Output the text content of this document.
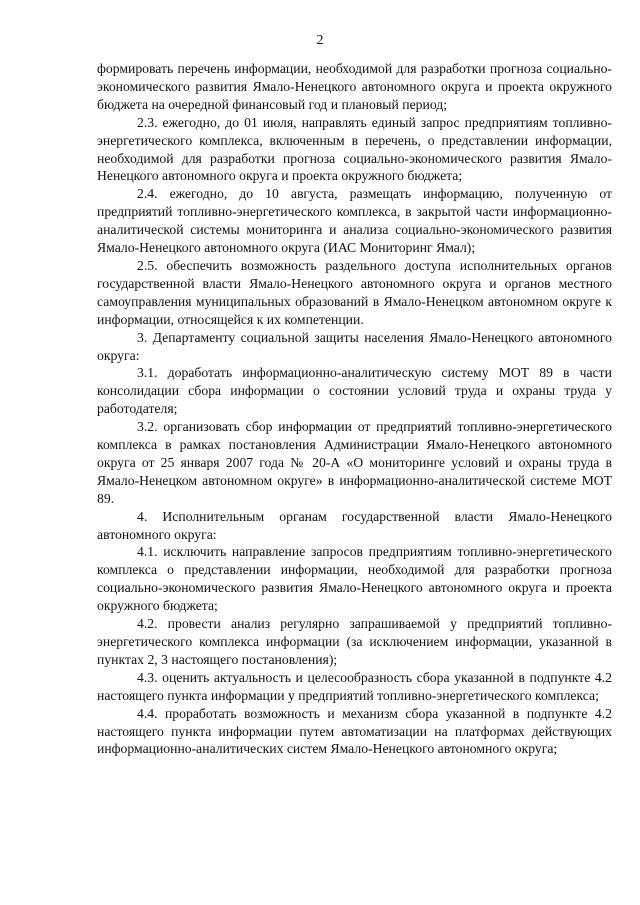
2

формировать перечень информации, необходимой для разработки прогноза социально-экономического развития Ямало-Ненецкого автономного округа и проекта окружного бюджета на очередной финансовый год и плановый период;

2.3. ежегодно, до 01 июля, направлять единый запрос предприятиям топливно-энергетического комплекса, включенным в перечень, о представлении информации, необходимой для разработки прогноза социально-экономического развития Ямало-Ненецкого автономного округа и проекта окружного бюджета;

2.4. ежегодно, до 10 августа, размещать информацию, полученную от предприятий топливно-энергетического комплекса, в закрытой части информационно-аналитической системы мониторинга и анализа социально-экономического развития Ямало-Ненецкого автономного округа (ИАС Мониторинг Ямал);

2.5. обеспечить возможность раздельного доступа исполнительных органов государственной власти Ямало-Ненецкого автономного округа и органов местного самоуправления муниципальных образований в Ямало-Ненецком автономном округе к информации, относящейся к их компетенции.

3. Департаменту социальной защиты населения Ямало-Ненецкого автономного округа:

3.1. доработать информационно-аналитическую систему МОТ 89 в части консолидации сбора информации о состоянии условий труда и охраны труда у работодателя;

3.2. организовать сбор информации от предприятий топливно-энергетического комплекса в рамках постановления Администрации Ямало-Ненецкого автономного округа от 25 января 2007 года № 20-А «О мониторинге условий и охраны труда в Ямало-Ненецком автономном округе» в информационно-аналитической системе МОТ 89.

4. Исполнительным органам государственной власти Ямало-Ненецкого автономного округа:

4.1. исключить направление запросов предприятиям топливно-энергетического комплекса о представлении информации, необходимой для разработки прогноза социально-экономического развития Ямало-Ненецкого автономного округа и проекта окружного бюджета;

4.2. провести анализ регулярно запрашиваемой у предприятий топливно-энергетического комплекса информации (за исключением информации, указанной в пунктах 2, 3 настоящего постановления);

4.3. оценить актуальность и целесообразность сбора указанной в подпункте 4.2 настоящего пункта информации у предприятий топливно-энергетического комплекса;

4.4. проработать возможность и механизм сбора указанной в подпункте 4.2 настоящего пункта информации путем автоматизации на платформах действующих информационно-аналитических систем Ямало-Ненецкого автономного округа;
